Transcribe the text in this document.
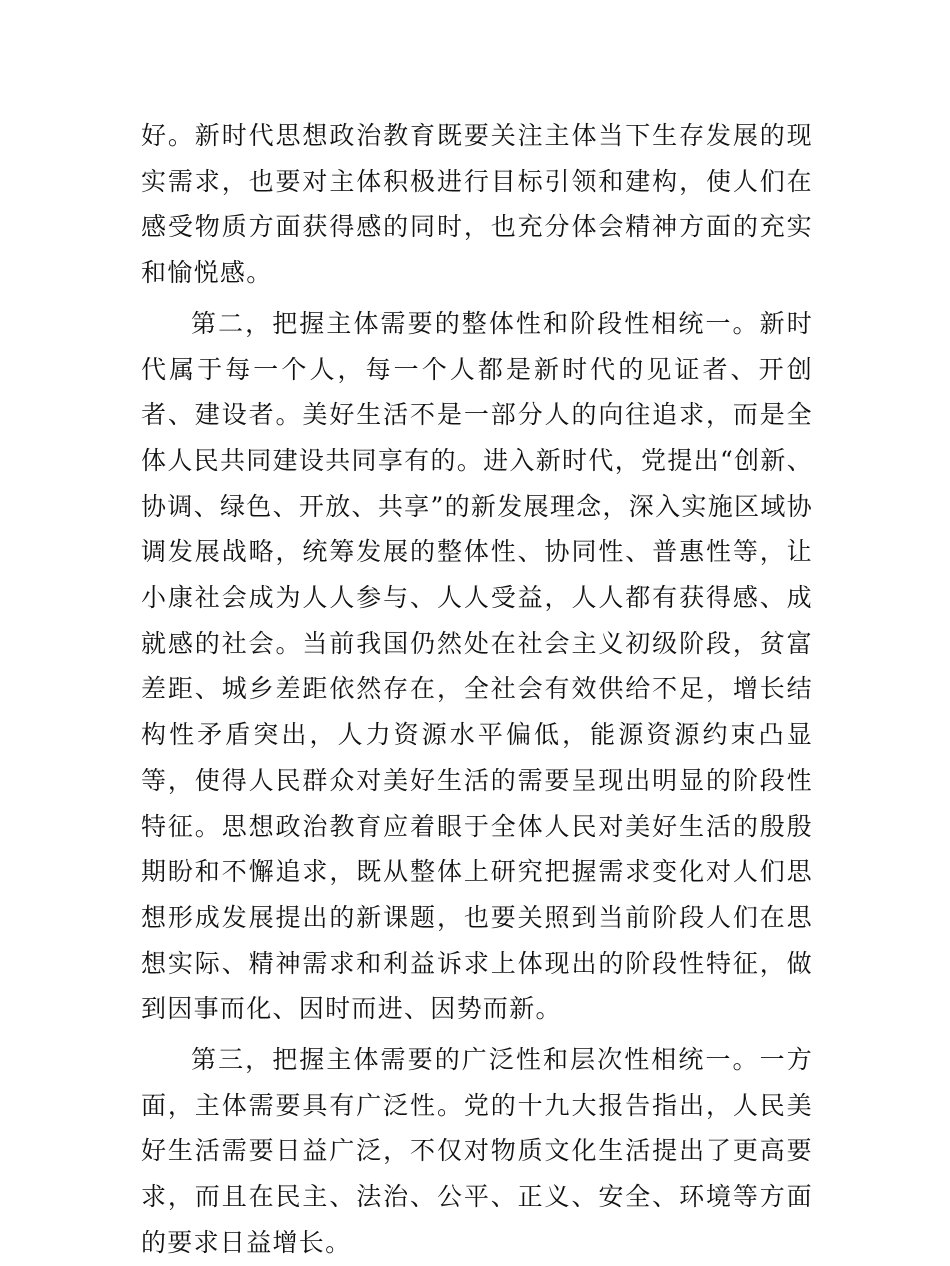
好。新时代思想政治教育既要关注主体当下生存发展的现实需求，也要对主体积极进行目标引领和建构，使人们在感受物质方面获得感的同时，也充分体会精神方面的充实和愉悦感。

第二，把握主体需要的整体性和阶段性相统一。新时代属于每一个人，每一个人都是新时代的见证者、开创者、建设者。美好生活不是一部分人的向往追求，而是全体人民共同建设共同享有的。进入新时代，党提出“创新、协调、绿色、开放、共享”的新发展理念，深入实施区域协调发展战略，统筹发展的整体性、协同性、普惠性等，让小康社会成为人人参与、人人受益，人人都有获得感、成就感的社会。当前我国仍然处在社会主义初级阶段，贫富差距、城乡差距依然存在，全社会有效供给不足，增长结构性矛盾突出，人力资源水平偏低，能源资源约束凸显等，使得人民群众对美好生活的需要呈现出明显的阶段性特征。思想政治教育应着眼于全体人民对美好生活的殷殷期盼和不懈追求，既从整体上研究把握需求变化对人们思想形成发展提出的新课题，也要关照到当前阶段人们在思想实际、精神需求和利益诉求上体现出的阶段性特征，做到因事而化、因时而进、因势而新。

第三，把握主体需要的广泛性和层次性相统一。一方面，主体需要具有广泛性。党的十九大报告指出，人民美好生活需要日益广泛，不仅对物质文化生活提出了更高要求，而且在民主、法治、公平、正义、安全、环境等方面的要求日益增长。
